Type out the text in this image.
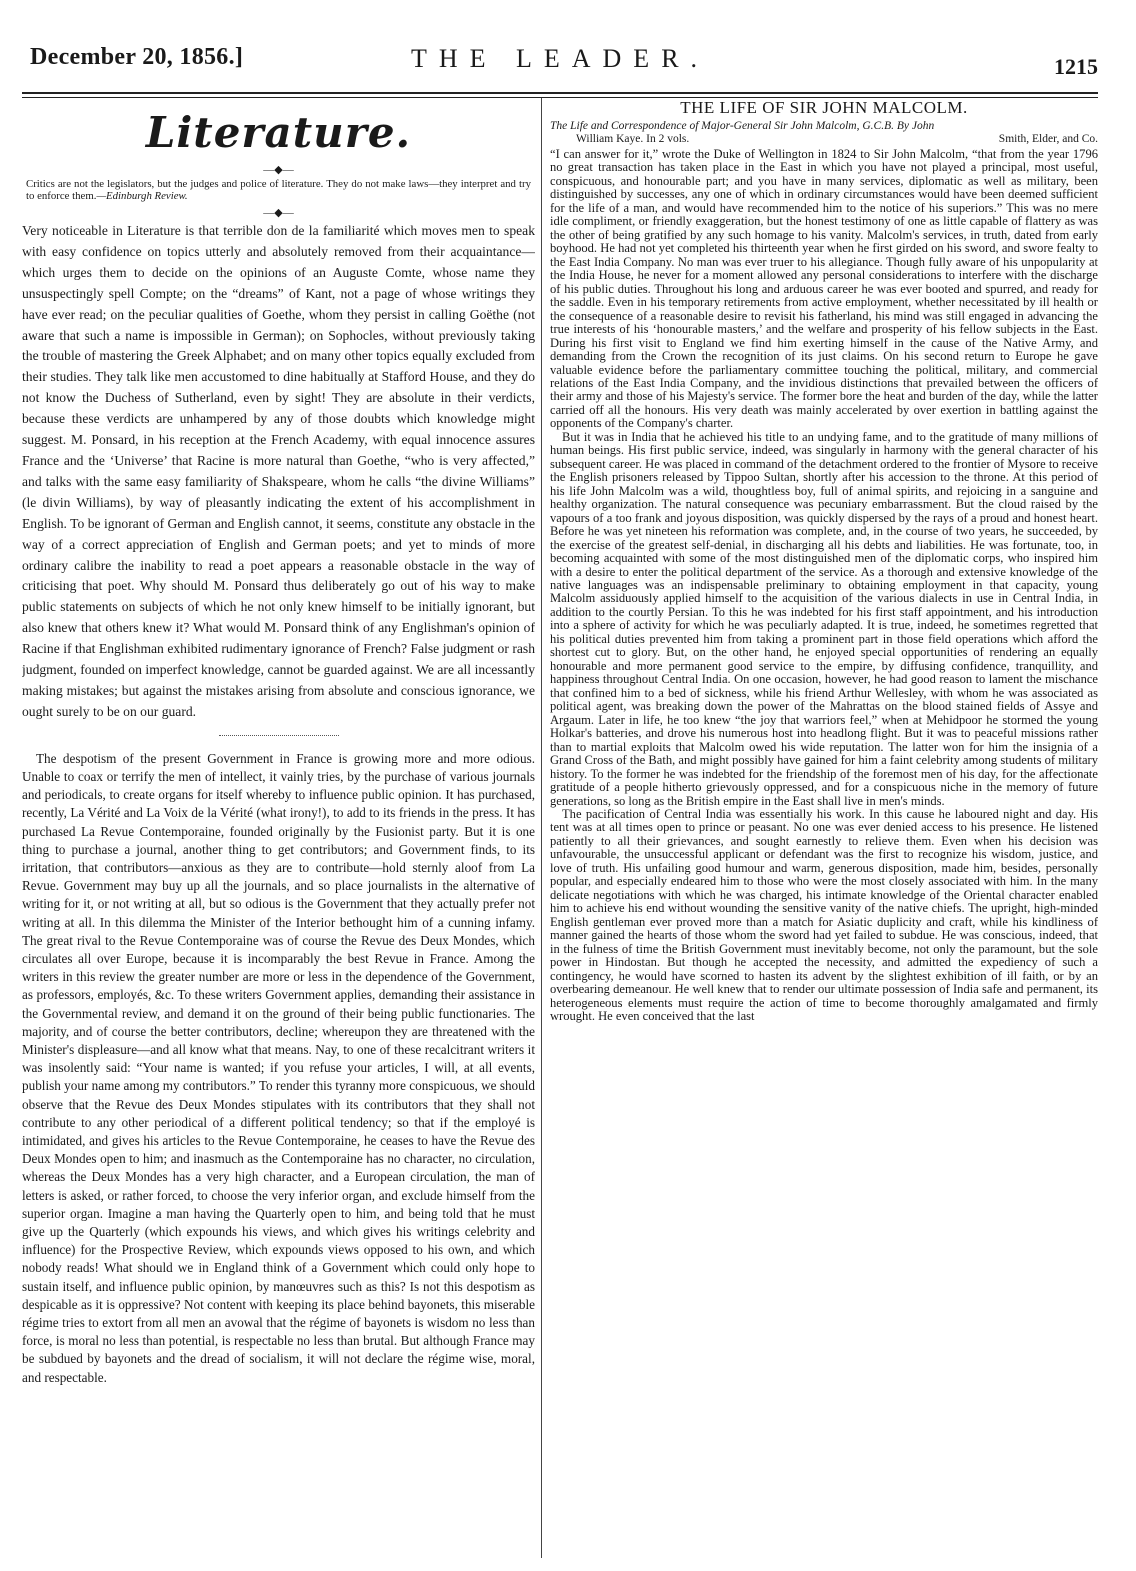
December 20, 1856.]	THE LEADER.	1215
Literature.
—◆—
Critics are not the legislators, but the judges and police of literature. They do not make laws—they interpret and try to enforce them.—Edinburgh Review.
—◆—

Very noticeable in Literature is that terrible don de la familiarité which moves men to speak with easy confidence on topics utterly and absolutely removed from their acquaintance—which urges them to decide on the opinions of an Auguste Comte, whose name they unsuspectingly spell Compte; on the “dreams” of Kant, not a page of whose writings they have ever read; on the peculiar qualities of Goethe, whom they persist in calling Goëthe (not aware that such a name is impossible in German); on Sophocles, without previously taking the trouble of mastering the Greek Alphabet; and on many other topics equally excluded from their studies. They talk like men accustomed to dine habitually at Stafford House, and they do not know the Duchess of Sutherland, even by sight! They are absolute in their verdicts, because these verdicts are unhampered by any of those doubts which knowledge might suggest. M. Ponsard, in his reception at the French Academy, with equal innocence assures France and the ‘Universe’ that Racine is more natural than Goethe, “who is very affected,” and talks with the same easy familiarity of Shakspeare, whom he calls “the divine Williams” (le divin Williams), by way of pleasantly indicating the extent of his accomplishment in English. To be ignorant of German and English cannot, it seems, constitute any obstacle in the way of a correct appreciation of English and German poets; and yet to minds of more ordinary calibre the inability to read a poet appears a reasonable obstacle in the way of criticising that poet. Why should M. Ponsard thus deliberately go out of his way to make public statements on subjects of which he not only knew himself to be initially ignorant, but also knew that others knew it? What would M. Ponsard think of any Englishman's opinion of Racine if that Englishman exhibited rudimentary ignorance of French? False judgment or rash judgment, founded on imperfect knowledge, cannot be guarded against. We are all incessantly making mistakes; but against the mistakes arising from absolute and conscious ignorance, we ought surely to be on our guard.

The despotism of the present Government in France is growing more and more odious. Unable to coax or terrify the men of intellect, it vainly tries, by the purchase of various journals and periodicals, to create organs for itself whereby to influence public opinion. It has purchased, recently, La Vérité and La Voix de la Vérité (what irony!), to add to its friends in the press. It has purchased La Revue Contemporaine, founded originally by the Fusionist party. But it is one thing to purchase a journal, another thing to get contributors; and Government finds, to its irritation, that contributors—anxious as they are to contribute—hold sternly aloof from La Revue. Government may buy up all the journals, and so place journalists in the alternative of writing for it, or not writing at all, but so odious is the Government that they actually prefer not writing at all. In this dilemma the Minister of the Interior bethought him of a cunning infamy. The great rival to the Revue Contemporaine was of course the Revue des Deux Mondes, which circulates all over Europe, because it is incomparably the best Revue in France. Among the writers in this review the greater number are more or less in the dependence of the Government, as professors, employés, &c. To these writers Government applies, demanding their assistance in the Governmental review, and demand it on the ground of their being public functionaries. The majority, and of course the better contributors, decline; whereupon they are threatened with the Minister's displeasure—and all know what that means. Nay, to one of these recalcitrant writers it was insolently said: “Your name is wanted; if you refuse your articles, I will, at all events, publish your name among my contributors.” To render this tyranny more conspicuous, we should observe that the Revue des Deux Mondes stipulates with its contributors that they shall not contribute to any other periodical of a different political tendency; so that if the employé is intimidated, and gives his articles to the Revue Contemporaine, he ceases to have the Revue des Deux Mondes open to him; and inasmuch as the Contemporaine has no character, no circulation, whereas the Deux Mondes has a very high character, and a European circulation, the man of letters is asked, or rather forced, to choose the very inferior organ, and exclude himself from the superior organ. Imagine a man having the Quarterly open to him, and being told that he must give up the Quarterly (which expounds his views, and which gives his writings celebrity and influence) for the Prospective Review, which expounds views opposed to his own, and which nobody reads! What should we in England think of a Government which could only hope to sustain itself, and influence public opinion, by manœuvres such as this? Is not this despotism as despicable as it is oppressive? Not content with keeping its place behind bayonets, this miserable régime tries to extort from all men an avowal that the régime of bayonets is wisdom no less than force, is moral no less than potential, is respectable no less than brutal. But although France may be subdued by bayonets and the dread of socialism, it will not declare the régime wise, moral, and respectable.

THE LIFE OF SIR JOHN MALCOLM.
The Life and Correspondence of Major-General Sir John Malcolm, G.C.B. By John
William Kaye. In 2 vols.	Smith, Elder, and Co.

“I can answer for it,” wrote the Duke of Wellington in 1824 to Sir John Malcolm, “that from the year 1796 no great transaction has taken place in the East in which you have not played a principal, most useful, conspicuous, and honourable part; and you have in many services, diplomatic as well as military, been distinguished by successes, any one of which in ordinary circumstances would have been deemed sufficient for the life of a man, and would have recommended him to the notice of his superiors.” This was no mere idle compliment, or friendly exaggeration, but the honest testimony of one as little capable of flattery as was the other of being gratified by any such homage to his vanity. Malcolm's services, in truth, dated from early boyhood. He had not yet completed his thirteenth year when he first girded on his sword, and swore fealty to the East India Company. No man was ever truer to his allegiance. Though fully aware of his unpopularity at the India House, he never for a moment allowed any personal considerations to interfere with the discharge of his public duties. Throughout his long and arduous career he was ever booted and spurred, and ready for the saddle. Even in his temporary retirements from active employment, whether necessitated by ill health or the consequence of a reasonable desire to revisit his fatherland, his mind was still engaged in advancing the true interests of his ‘honourable masters,’ and the welfare and prosperity of his fellow subjects in the East. During his first visit to England we find him exerting himself in the cause of the Native Army, and demanding from the Crown the recognition of its just claims. On his second return to Europe he gave valuable evidence before the parliamentary committee touching the political, military, and commercial relations of the East India Company, and the invidious distinctions that prevailed between the officers of their army and those of his Majesty's service. The former bore the heat and burden of the day, while the latter carried off all the honours. His very death was mainly accelerated by over exertion in battling against the opponents of the Company's charter.

But it was in India that he achieved his title to an undying fame, and to the gratitude of many millions of human beings. His first public service, indeed, was singularly in harmony with the general character of his subsequent career. He was placed in command of the detachment ordered to the frontier of Mysore to receive the English prisoners released by Tippoo Sultan, shortly after his accession to the throne. At this period of his life John Malcolm was a wild, thoughtless boy, full of animal spirits, and rejoicing in a sanguine and healthy organization. The natural consequence was pecuniary embarrassment. But the cloud raised by the vapours of a too frank and joyous disposition, was quickly dispersed by the rays of a proud and honest heart. Before he was yet nineteen his reformation was complete, and, in the course of two years, he succeeded, by the exercise of the greatest self-denial, in discharging all his debts and liabilities. He was fortunate, too, in becoming acquainted with some of the most distinguished men of the diplomatic corps, who inspired him with a desire to enter the political department of the service. As a thorough and extensive knowledge of the native languages was an indispensable preliminary to obtaining employment in that capacity, young Malcolm assiduously applied himself to the acquisition of the various dialects in use in Central India, in addition to the courtly Persian. To this he was indebted for his first staff appointment, and his introduction into a sphere of activity for which he was peculiarly adapted. It is true, indeed, he sometimes regretted that his political duties prevented him from taking a prominent part in those field operations which afford the shortest cut to glory. But, on the other hand, he enjoyed special opportunities of rendering an equally honourable and more permanent good service to the empire, by diffusing confidence, tranquillity, and happiness throughout Central India. On one occasion, however, he had good reason to lament the mischance that confined him to a bed of sickness, while his friend Arthur Wellesley, with whom he was associated as political agent, was breaking down the power of the Mahrattas on the blood stained fields of Assye and Argaum. Later in life, he too knew “the joy that warriors feel,” when at Mehidpoor he stormed the young Holkar's batteries, and drove his numerous host into headlong flight. But it was to peaceful missions rather than to martial exploits that Malcolm owed his wide reputation. The latter won for him the insignia of a Grand Cross of the Bath, and might possibly have gained for him a faint celebrity among students of military history. To the former he was indebted for the friendship of the foremost men of his day, for the affectionate gratitude of a people hitherto grievously oppressed, and for a conspicuous niche in the memory of future generations, so long as the British empire in the East shall live in men's minds.

The pacification of Central India was essentially his work. In this cause he laboured night and day. His tent was at all times open to prince or peasant. No one was ever denied access to his presence. He listened patiently to all their grievances, and sought earnestly to relieve them. Even when his decision was unfavourable, the unsuccessful applicant or defendant was the first to recognize his wisdom, justice, and love of truth. His unfailing good humour and warm, generous disposition, made him, besides, personally popular, and especially endeared him to those who were the most closely associated with him. In the many delicate negotiations with which he was charged, his intimate knowledge of the Oriental character enabled him to achieve his end without wounding the sensitive vanity of the native chiefs. The upright, high-minded English gentleman ever proved more than a match for Asiatic duplicity and craft, while his kindliness of manner gained the hearts of those whom the sword had yet failed to subdue. He was conscious, indeed, that in the fulness of time the British Government must inevitably become, not only the paramount, but the sole power in Hindostan. But though he accepted the necessity, and admitted the expediency of such a contingency, he would have scorned to hasten its advent by the slightest exhibition of ill faith, or by an overbearing demeanour. He well knew that to render our ultimate possession of India safe and permanent, its heterogeneous elements must require the action of time to become thoroughly amalgamated and firmly wrought. He even conceived that the last
